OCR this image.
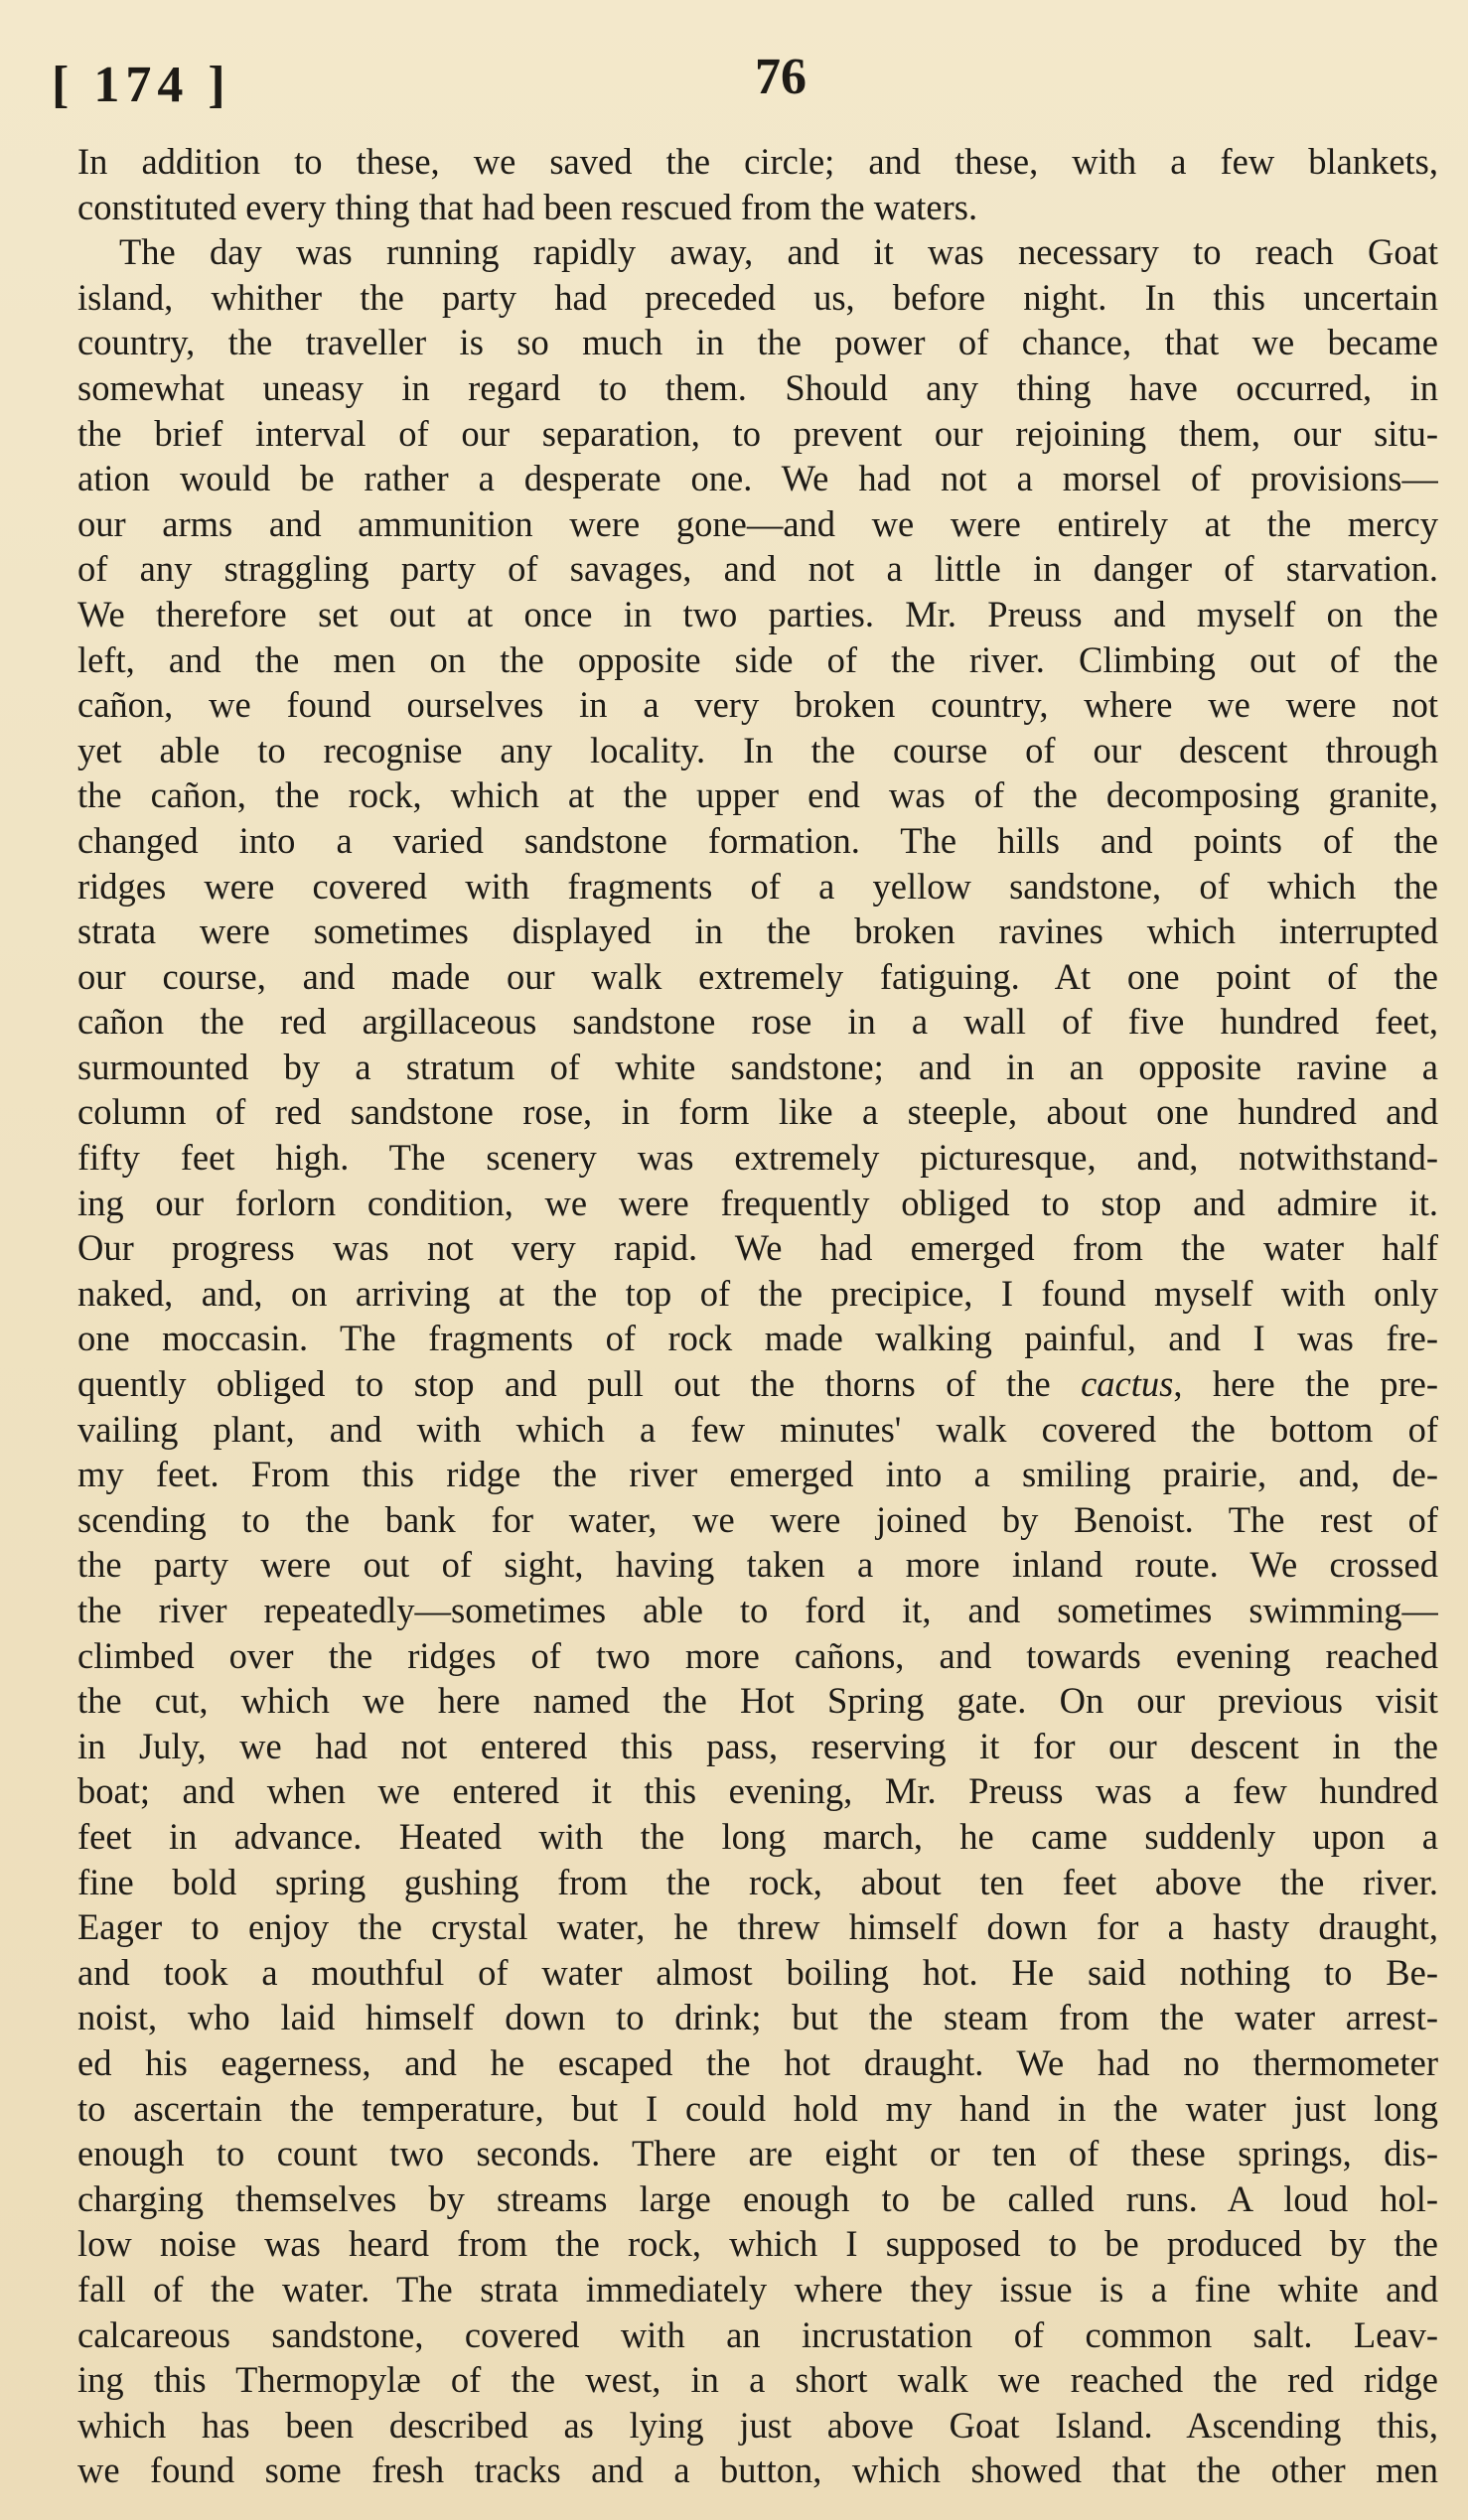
[ 174 ]	76
In addition to these, we saved the circle; and these, with a few blankets,
constituted every thing that had been rescued from the waters.
The day was running rapidly away, and it was necessary to reach Goat
island, whither the party had preceded us, before night. In this uncertain
country, the traveller is so much in the power of chance, that we became
somewhat uneasy in regard to them. Should any thing have occurred, in
the brief interval of our separation, to prevent our rejoining them, our situ-
ation would be rather a desperate one. We had not a morsel of provisions—
our arms and ammunition were gone—and we were entirely at the mercy
of any straggling party of savages, and not a little in danger of starvation.
We therefore set out at once in two parties. Mr. Preuss and myself on the
left, and the men on the opposite side of the river. Climbing out of the
cañon, we found ourselves in a very broken country, where we were not
yet able to recognise any locality. In the course of our descent through
the cañon, the rock, which at the upper end was of the decomposing granite,
changed into a varied sandstone formation. The hills and points of the
ridges were covered with fragments of a yellow sandstone, of which the
strata were sometimes displayed in the broken ravines which interrupted
our course, and made our walk extremely fatiguing. At one point of the
cañon the red argillaceous sandstone rose in a wall of five hundred feet,
surmounted by a stratum of white sandstone; and in an opposite ravine a
column of red sandstone rose, in form like a steeple, about one hundred and
fifty feet high. The scenery was extremely picturesque, and, notwithstand-
ing our forlorn condition, we were frequently obliged to stop and admire it.
Our progress was not very rapid. We had emerged from the water half
naked, and, on arriving at the top of the precipice, I found myself with only
one moccasin. The fragments of rock made walking painful, and I was fre-
quently obliged to stop and pull out the thorns of the cactus, here the pre-
vailing plant, and with which a few minutes' walk covered the bottom of
my feet. From this ridge the river emerged into a smiling prairie, and, de-
scending to the bank for water, we were joined by Benoist. The rest of
the party were out of sight, having taken a more inland route. We crossed
the river repeatedly—sometimes able to ford it, and sometimes swimming—
climbed over the ridges of two more cañons, and towards evening reached
the cut, which we here named the Hot Spring gate. On our previous visit
in July, we had not entered this pass, reserving it for our descent in the
boat; and when we entered it this evening, Mr. Preuss was a few hundred
feet in advance. Heated with the long march, he came suddenly upon a
fine bold spring gushing from the rock, about ten feet above the river.
Eager to enjoy the crystal water, he threw himself down for a hasty draught,
and took a mouthful of water almost boiling hot. He said nothing to Be-
noist, who laid himself down to drink; but the steam from the water arrest-
ed his eagerness, and he escaped the hot draught. We had no thermometer
to ascertain the temperature, but I could hold my hand in the water just long
enough to count two seconds. There are eight or ten of these springs, dis-
charging themselves by streams large enough to be called runs. A loud hol-
low noise was heard from the rock, which I supposed to be produced by the
fall of the water. The strata immediately where they issue is a fine white and
calcareous sandstone, covered with an incrustation of common salt. Leav-
ing this Thermopylæ of the west, in a short walk we reached the red ridge
which has been described as lying just above Goat Island. Ascending this,
we found some fresh tracks and a button, which showed that the other men
